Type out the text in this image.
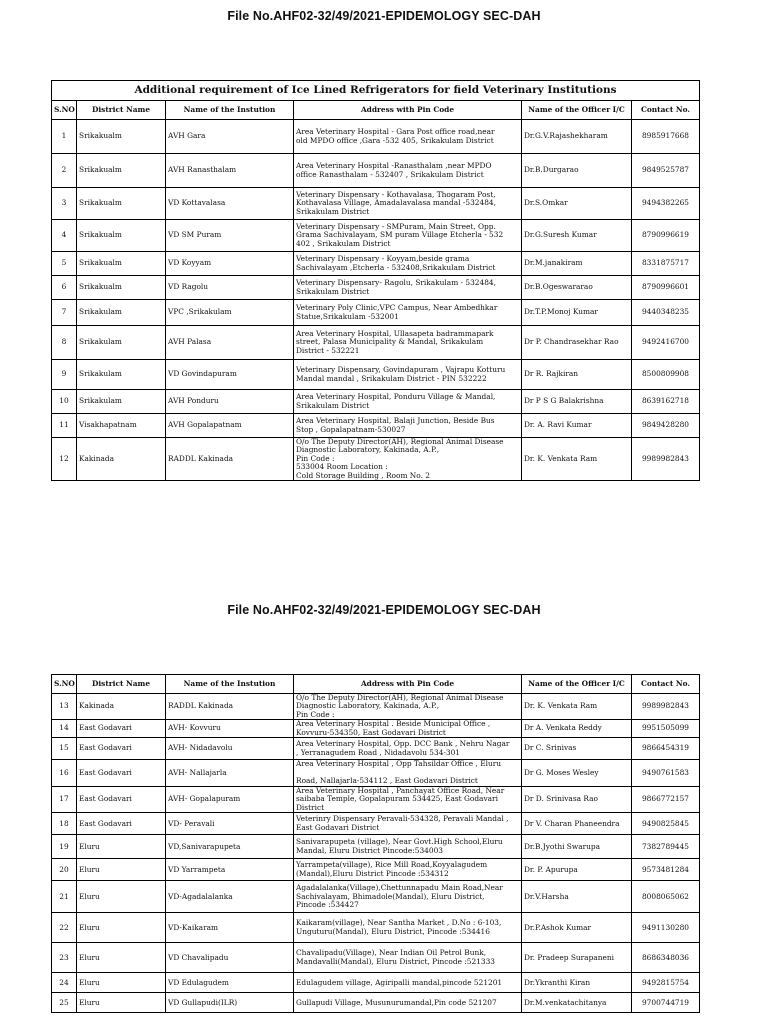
File No.AHF02-32/49/2021-EPIDEMOLOGY SEC-DAH
Additional requirement of Ice Lined Refrigerators for field Veterinary Institutions					
S.NO	District Name	Name of the Instution	Address with Pin Code	Name of the Officer I/C	Contact No.
1	Srikakualm	AVH Gara	Area Veterinary Hospital - Gara Post office road,near
old MPDO office ,Gara -532 405, Srikakulam District	Dr.G.V.Rajashekharam	8985917668
2	Srikakualm	AVH Ranasthalam	Area Veterinary Hospital -Ranasthalam ,near MPDO
office Ranasthalam - 532407 , Srikakulam District	Dr.B.Durgarao	9849525787
3	Srikakualm	VD Kottavalasa	Veterinary Dispensary - Kothavalasa, Thogaram Post,
Kothavalasa Village, Amadalavalasa mandal -532484,
Srikakulam District	Dr.S.Omkar	9494382265
4	Srikakualm	VD SM Puram	Veterinary Dispensary - SMPuram, Main Street, Opp.
Grama Sachivalayam, SM puram Village Etcherla - 532
402 , Srikakulam District	Dr.G.Suresh Kumar	8790996619
5	Srikakualm	VD Koyyam	Veterinary Dispensary - Koyyam,beside grama
Sachivalayam ,Etcherla - 532408,Srikakulam District	Dr.M.janakiram	8331875717
6	Srikakualm	VD Ragolu	Veterinary Dispensary- Ragolu, Srikakulam - 532484,
Srikakulam District	Dr.B.Ogeswararao	8790996601
7	Srikakulam	VPC ,Srikakulam	Veterinary Poly Clinic,VPC Campus, Near Ambedhkar
Statue,Srikakulam -532001	Dr.T.P.Monoj Kumar	9440348235
8	Srikakulam	AVH Palasa	Area Veterinary Hospital, Ullasapeta badrammapark
street, Palasa Municipality & Mandal, Srikakulam
District - 532221	Dr P. Chandrasekhar Rao	9492416700
9	Srikakulam	VD Govindapuram	Veterinary Dispensary, Govindapuram , Vajrapu Kotturu
Mandal mandal , Srikakulam District - PIN 532222	Dr R. Rajkiran	8500809908
10	Srikakulam	AVH Ponduru	Area Veterinary Hospital, Ponduru Village & Mandal,
Srikakulam District	Dr P S G Balakrishna	8639162718
11	Visakhapatnam	AVH Gopalapatnam	Area Veterinary Hospital, Balaji Junction, Beside Bus
Stop , Gopalapatnam-530027	Dr. A. Ravi Kumar	9849428280
12	Kakinada	RADDL Kakinada	O/o The Deputy Director(AH), Regional Animal Disease
Diagnostic Laboratory, Kakinada, A.P.,
Pin Code :
533004 Room Location :
Cold Storage Building , Room No. 2	Dr. K. Venkata Ram	9989982843
File No.AHF02-32/49/2021-EPIDEMOLOGY SEC-DAH
S.NO	District Name	Name of the Instution	Address with Pin Code	Name of the Officer I/C	Contact No.
13	Kakinada	RADDL Kakinada	O/o The Deputy Director(AH), Regional Animal Disease
Diagnostic Laboratory, Kakinada, A.P.,
Pin Code :	Dr. K. Venkata Ram	9989982843
14	East Godavari	AVH- Kovvuru	Area Veterinary Hospital . Beside Municipal Office ,
Kovvuru-534350, East Godavari District	Dr A. Venkata Reddy	9951505099
15	East Godavari	AVH- Nidadavolu	Area Veterinary Hospital, Opp. DCC Bank , Nehru Nagar
, Yerranagudem Road , Nidadavolu 534-301	Dr C. Srinivas	9866454319
16	East Godavari	AVH- Nallajarla	Area Veterinary Hospital , Opp Tahsildar Office , Eluru

Road, Nallajarla-534112 , East Godavari District	Dr G. Moses Wesley	9490761583
17	East Godavari	AVH- Gopalapuram	Area Veterinary Hospital , Panchayat Office Road, Near
saibaba Temple, Gopalapuram 534425, East Godavari
District	Dr D. Srinivasa Rao	9866772157
18	East Godavari	VD- Peravali	Veterinry Dispensary Peravali-534328, Peravali Mandal ,
East Godavari District	Dr V. Charan Phaneendra	9490825845
19	Eluru	VD,Sanivarapupeta	Sanivarapupeta (village), Near Govt.High School,Eluru
Mandal, Eluru District Pincode:534003	Dr.B.Jyothi Swarupa	7382789445
20	Eluru	VD Yarrampeta	Yarrampeta(village), Rice Mill Road,Koyyalagudem
(Mandal),Eluru District Pincode :534312	Dr. P. Apurupa	9573481284
21	Eluru	VD-Agadalalanka	Agadalalanka(Village),Chettunnapadu Main Road,Near
Sachivalayam, Bhimadole(Mandal), Eluru District,
Pincode :534427	Dr.V.Harsha	8008065062
22	Eluru	VD-Kaikaram	Kaikaram(village), Near Santha Market , D.No : 6-103,
Unguturu(Mandal), Eluru District, Pincode :534416	Dr.P.Ashok Kumar	9491130280
23	Eluru	VD Chavalipadu	Chavalipadu(Village), Near Indian Oil Petrol Bunk,
Mandavalli(Mandal), Eluru District, Pincode :521333	Dr. Pradeep Surapaneni	8686348036
24	Eluru	VD Edulagudem	Edulagudem village, Agiripalli mandal,pincode 521201	Dr.Ykranthi Kiran	9492815754
25	Eluru	VD Gullapudi(ILR)	Gullapudi Village, Musunurumandal,Pin code 521207	Dr.M.venkatachitanya	9700744719
